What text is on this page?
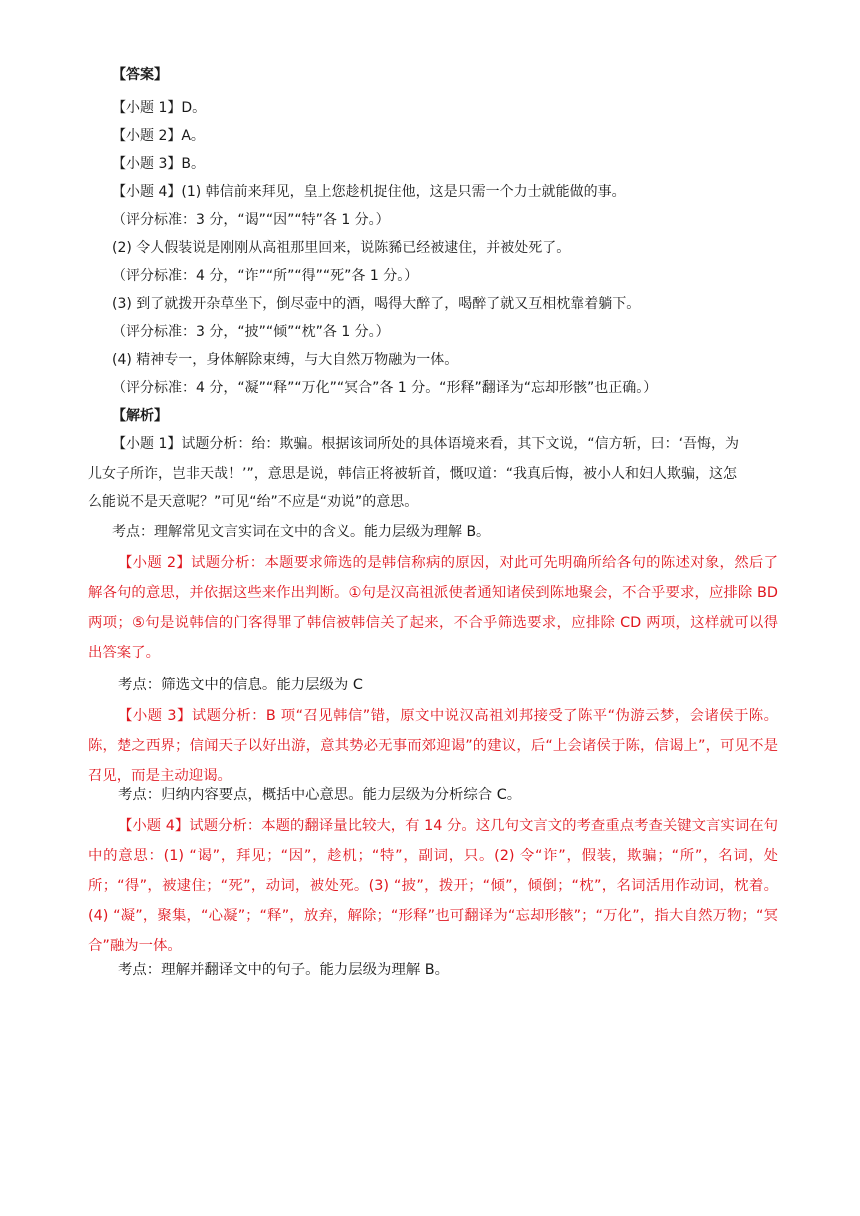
【答案】
【小题 1】D。
【小题 2】A。
【小题 3】B。
【小题 4】(1) 韩信前来拜见，皇上您趁机捉住他，这是只需一个力士就能做的事。
（评分标准：3 分，“谒”“因”“特”各 1 分。）
(2) 令人假装说是刚刚从高祖那里回来，说陈豨已经被逮住，并被处死了。
（评分标准：4 分，“诈”“所”“得”“死”各 1 分。）
(3) 到了就拨开杂草坐下，倒尽壶中的酒，喝得大醉了，喝醉了就又互相枕靠着躺下。
（评分标准：3 分，“披”“倾”“枕”各 1 分。）
(4) 精神专一，身体解除束缚，与大自然万物融为一体。
（评分标准：4 分，“凝”“释”“万化”“冥合”各 1 分。“形释”翻译为“忘却形骸”也正确。）
【解析】
【小题 1】试题分析：绐：欺骗。根据该词所处的具体语境来看，其下文说，“信方斩，曰：‘吾悔，为
儿女子所诈，岂非天哉！’”，意思是说，韩信正将被斩首，慨叹道：“我真后悔，被小人和妇人欺骗，这怎
么能说不是天意呢？”可见“绐”不应是“劝说”的意思。
考点：理解常见文言实词在文中的含义。能力层级为理解 B。
【小题 2】试题分析：本题要求筛选的是韩信称病的原因，对此可先明确所给各句的陈述对象，然后了解各句的意思，并依据这些来作出判断。①句是汉高祖派使者通知诸侯到陈地聚会，不合乎要求，应排除 BD 两项；⑤句是说韩信的门客得罪了韩信被韩信关了起来，不合乎筛选要求，应排除 CD 两项，这样就可以得出答案了。
考点：筛选文中的信息。能力层级为 C
【小题 3】试题分析：B 项“召见韩信”错，原文中说汉高祖刘邦接受了陈平“伪游云梦，会诸侯于陈。陈，楚之西界；信闻天子以好出游，意其势必无事而郊迎谒”的建议，后“上会诸侯于陈，信谒上”，可见不是召见，而是主动迎谒。
考点：归纳内容要点，概括中心意思。能力层级为分析综合 C。
【小题 4】试题分析：本题的翻译量比较大，有 14 分。这几句文言文的考查重点考查关键文言实词在句中的意思：(1) “谒”，拜见；“因”，趁机；“特”，副词，只。(2) 令“诈”，假装，欺骗；“所”，名词，处所；“得”，被逮住；“死”，动词，被处死。(3) “披”，拨开；“倾”，倾倒；“枕”，名词活用作动词，枕着。(4) “凝”，聚集，“心凝”；“释”，放弃，解除；“形释”也可翻译为“忘却形骸”；“万化”，指大自然万物；“冥合”融为一体。
考点：理解并翻译文中的句子。能力层级为理解 B。
